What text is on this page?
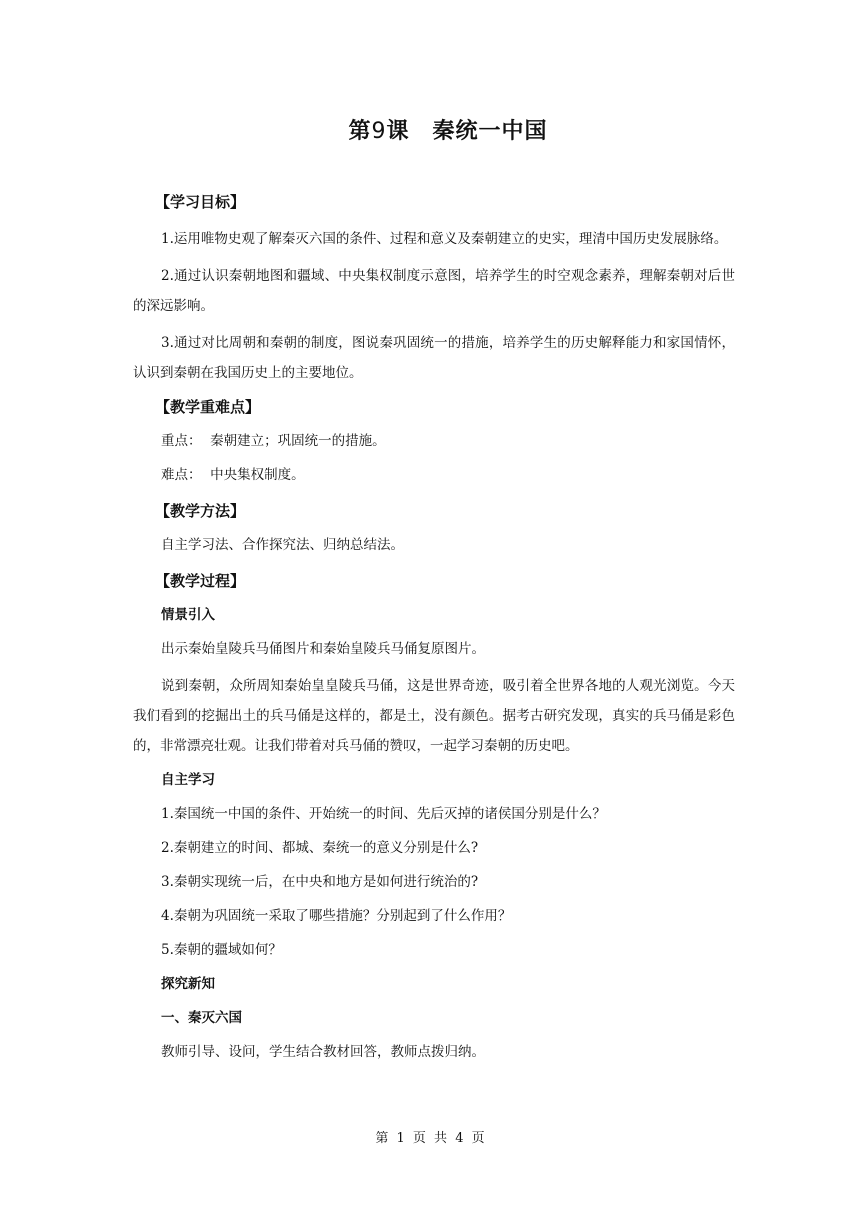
第9课　秦统一中国
【学习目标】
1.运用唯物史观了解秦灭六国的条件、过程和意义及秦朝建立的史实，理清中国历史发展脉络。
2.通过认识秦朝地图和疆域、中央集权制度示意图，培养学生的时空观念素养，理解秦朝对后世的深远影响。
3.通过对比周朝和秦朝的制度，图说秦巩固统一的措施，培养学生的历史解释能力和家国情怀，认识到秦朝在我国历史上的主要地位。
【教学重难点】
重点：  秦朝建立；巩固统一的措施。
难点：  中央集权制度。
【教学方法】
自主学习法、合作探究法、归纳总结法。
【教学过程】
情景引入
出示秦始皇陵兵马俑图片和秦始皇陵兵马俑复原图片。
说到秦朝，众所周知秦始皇皇陵兵马俑，这是世界奇迹，吸引着全世界各地的人观光浏览。今天我们看到的挖掘出土的兵马俑是这样的，都是土，没有颜色。据考古研究发现，真实的兵马俑是彩色的，非常漂亮壮观。让我们带着对兵马俑的赞叹，一起学习秦朝的历史吧。
自主学习
1.秦国统一中国的条件、开始统一的时间、先后灭掉的诸侯国分别是什么？
2.秦朝建立的时间、都城、秦统一的意义分别是什么?
3.秦朝实现统一后，在中央和地方是如何进行统治的?
4.秦朝为巩固统一采取了哪些措施？分别起到了什么作用？
5.秦朝的疆域如何？
探究新知
一、秦灭六国
教师引导、设问，学生结合教材回答，教师点拨归纳。
第 1 页 共 4 页
